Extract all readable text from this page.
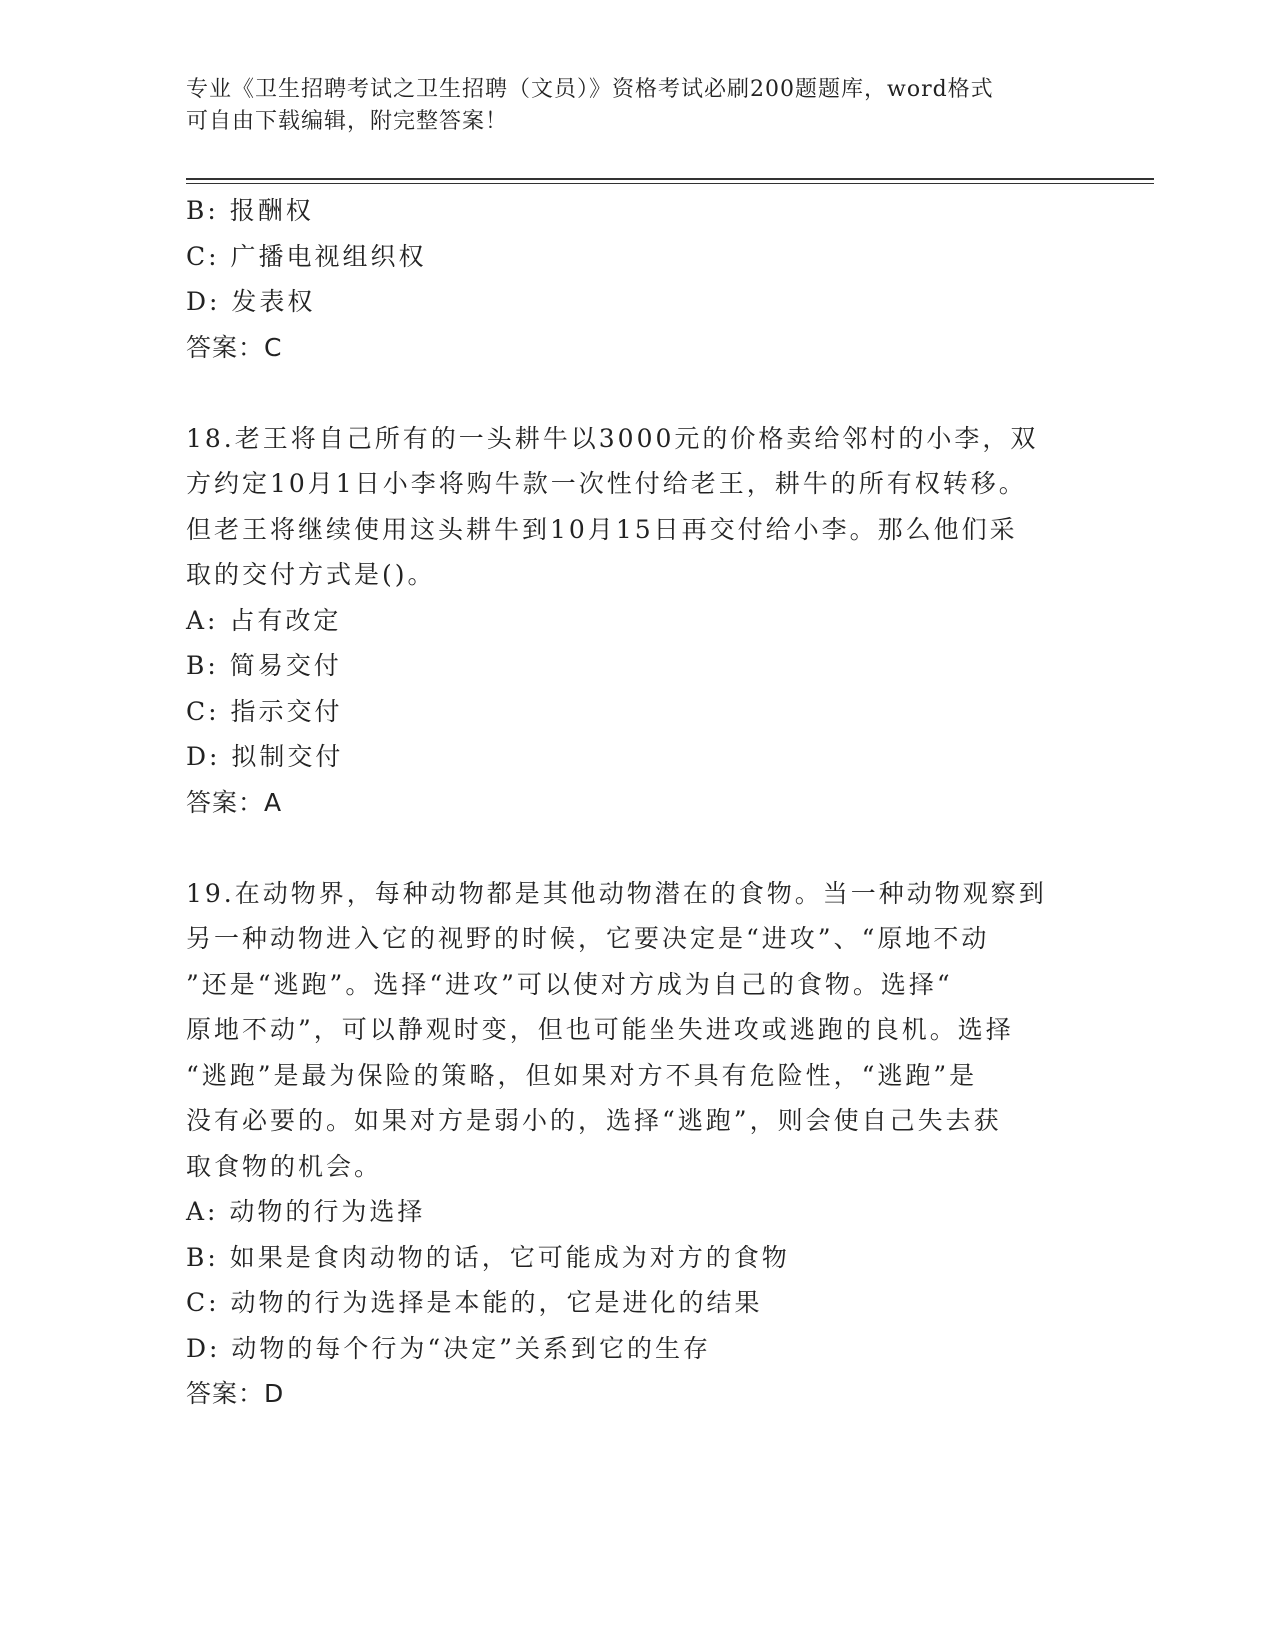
专业《卫生招聘考试之卫生招聘（文员）》资格考试必刷200题题库，word格式
可自由下载编辑，附完整答案！
B: 报酬权
C: 广播电视组织权
D: 发表权
答案：C
18.老王将自己所有的一头耕牛以3000元的价格卖给邻村的小李，双
方约定10月1日小李将购牛款一次性付给老王，耕牛的所有权转移。
但老王将继续使用这头耕牛到10月15日再交付给小李。那么他们采
取的交付方式是()。
A: 占有改定
B: 简易交付
C: 指示交付
D: 拟制交付
答案：A
19.在动物界，每种动物都是其他动物潜在的食物。当一种动物观察到
另一种动物进入它的视野的时候，它要决定是“进攻”、“原地不动
”还是“逃跑”。选择“进攻”可以使对方成为自己的食物。选择“
原地不动”，可以静观时变，但也可能坐失进攻或逃跑的良机。选择
“逃跑”是最为保险的策略，但如果对方不具有危险性，“逃跑”是
没有必要的。如果对方是弱小的，选择“逃跑”，则会使自己失去获
取食物的机会。
A: 动物的行为选择
B: 如果是食肉动物的话，它可能成为对方的食物
C: 动物的行为选择是本能的，它是进化的结果
D: 动物的每个行为“决定”关系到它的生存
答案：D
